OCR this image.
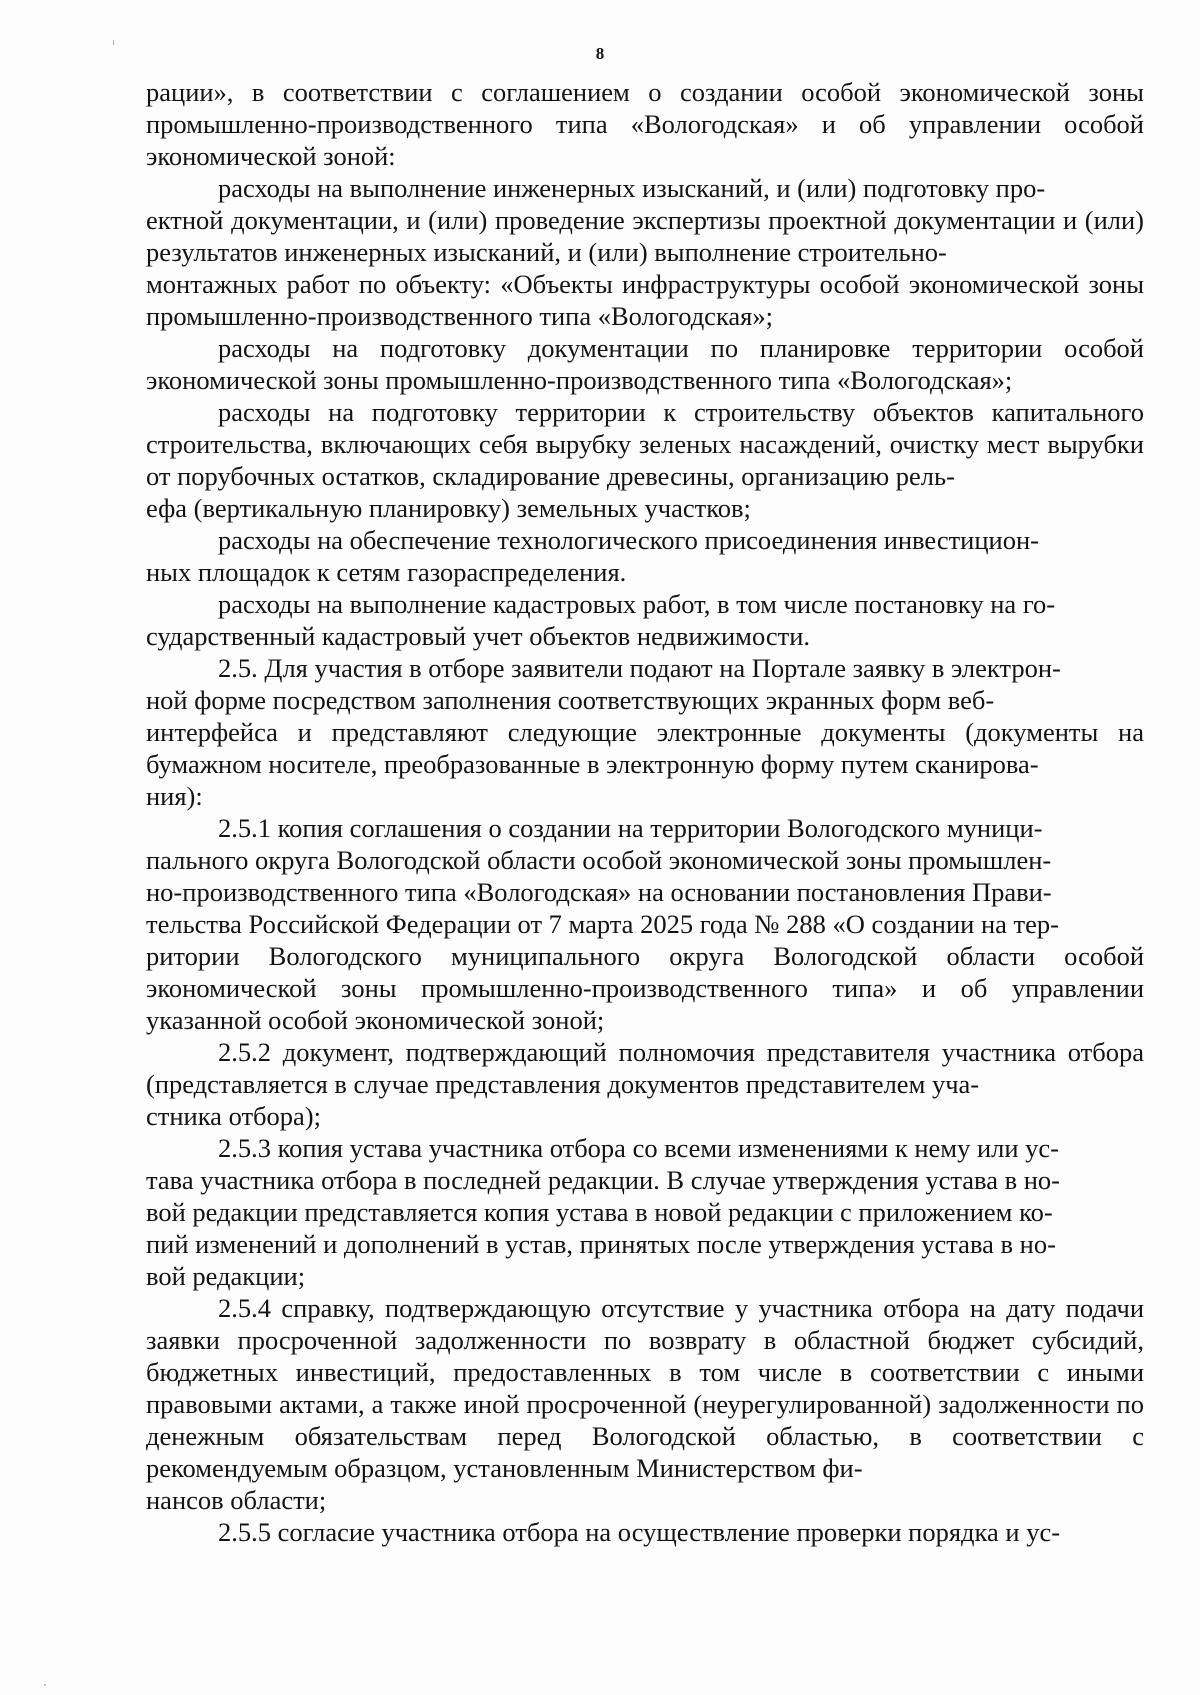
8

рации», в соответствии с соглашением о создании особой экономической зоны промышленно-производственного типа «Вологодская» и об управлении особой экономической зоной:

расходы на выполнение инженерных изысканий, и (или) подготовку про-
ектной документации, и (или) проведение экспертизы проектной документации и (или) результатов инженерных изысканий, и (или) выполнение строительно-
монтажных работ по объекту: «Объекты инфраструктуры особой экономической зоны промышленно-производственного типа «Вологодская»;

расходы на подготовку документации по планировке территории особой экономической зоны промышленно-производственного типа «Вологодская»;

расходы на подготовку территории к строительству объектов капитального строительства, включающих себя вырубку зеленых насаждений, очистку мест вырубки от порубочных остатков, складирование древесины, организацию рель-
ефа (вертикальную планировку) земельных участков;

расходы на обеспечение технологического присоединения инвестицион-
ных площадок к сетям газораспределения.

расходы на выполнение кадастровых работ, в том числе постановку на го-
сударственный кадастровый учет объектов недвижимости.

2.5. Для участия в отборе заявители подают на Портале заявку в электрон-
ной форме посредством заполнения соответствующих экранных форм веб-
интерфейса и представляют следующие электронные документы (документы на бумажном носителе, преобразованные в электронную форму путем сканирова-
ния):

2.5.1 копия соглашения о создании на территории Вологодского муници-
пального округа Вологодской области особой экономической зоны промышлен-
но-производственного типа «Вологодская» на основании постановления Прави-
тельства Российской Федерации от 7 марта 2025 года № 288 «О создании на тер-
ритории Вологодского муниципального округа Вологодской области особой экономической зоны промышленно-производственного типа» и об управлении указанной особой экономической зоной;

2.5.2 документ, подтверждающий полномочия представителя участника отбора (представляется в случае представления документов представителем уча-
стника отбора);

2.5.3 копия устава участника отбора со всеми изменениями к нему или ус-
тава участника отбора в последней редакции. В случае утверждения устава в но-
вой редакции представляется копия устава в новой редакции с приложением ко-
пий изменений и дополнений в устав, принятых после утверждения устава в но-
вой редакции;

2.5.4 справку, подтверждающую отсутствие у участника отбора на дату подачи заявки просроченной задолженности по возврату в областной бюджет субсидий, бюджетных инвестиций, предоставленных в том числе в соответствии с иными правовыми актами, а также иной просроченной (неурегулированной) задолженности по денежным обязательствам перед Вологодской областью, в соответствии с рекомендуемым образцом, установленным Министерством фи-
нансов области;

2.5.5 согласие участника отбора на осуществление проверки порядка и ус-
